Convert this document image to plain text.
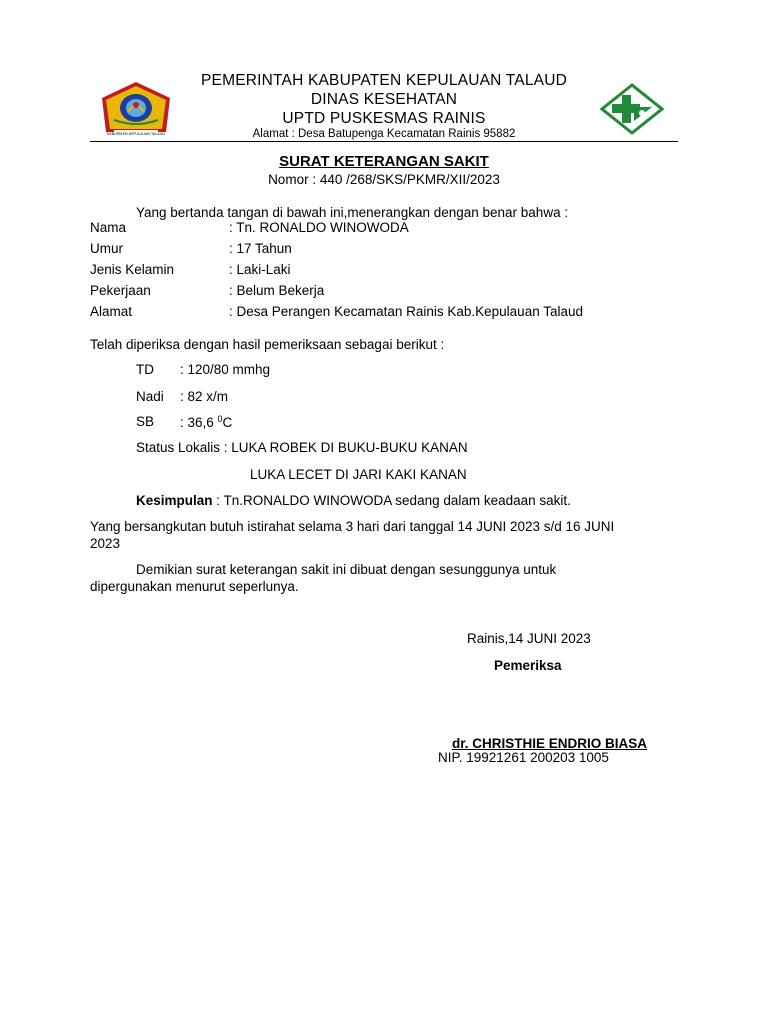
KABUPATEN KEPULAUAN TALAUD
PEMERINTAH KABUPATEN KEPULAUAN TALAUD
DINAS KESEHATAN
UPTD PUSKESMAS RAINIS
Alamat : Desa Batupenga Kecamatan Rainis 95882
SURAT KETERANGAN SAKIT
Nomor : 440 /268/SKS/PKMR/XII/2023
Yang bertanda tangan di bawah ini,menerangkan dengan benar bahwa :
Nama	: Tn. RONALDO WINOWODA
Umur	: 17 Tahun
Jenis Kelamin	: Laki-Laki
Pekerjaan	: Belum Bekerja
Alamat	: Desa Perangen Kecamatan Rainis Kab.Kepulauan Talaud
Telah diperiksa dengan hasil pemeriksaan sebagai berikut :
TD : 120/80 mmhg
Nadi : 82 x/m
SB : 36,6 $^0$C
Status Lokalis : LUKA ROBEK DI BUKU-BUKU KANAN
LUKA LECET DI JARI KAKI KANAN
Kesimpulan : Tn.RONALDO WINOWODA sedang dalam keadaan sakit.
Yang bersangkutan butuh istirahat selama 3 hari dari tanggal 14 JUNI 2023 s/d 16 JUNI
2023
Demikian surat keterangan sakit ini dibuat dengan sesunggunya untuk
dipergunakan menurut seperlunya.
Rainis,14 JUNI 2023
Pemeriksa
dr. CHRISTHIE ENDRIO BIASA
NIP. 19921261 200203 1005
